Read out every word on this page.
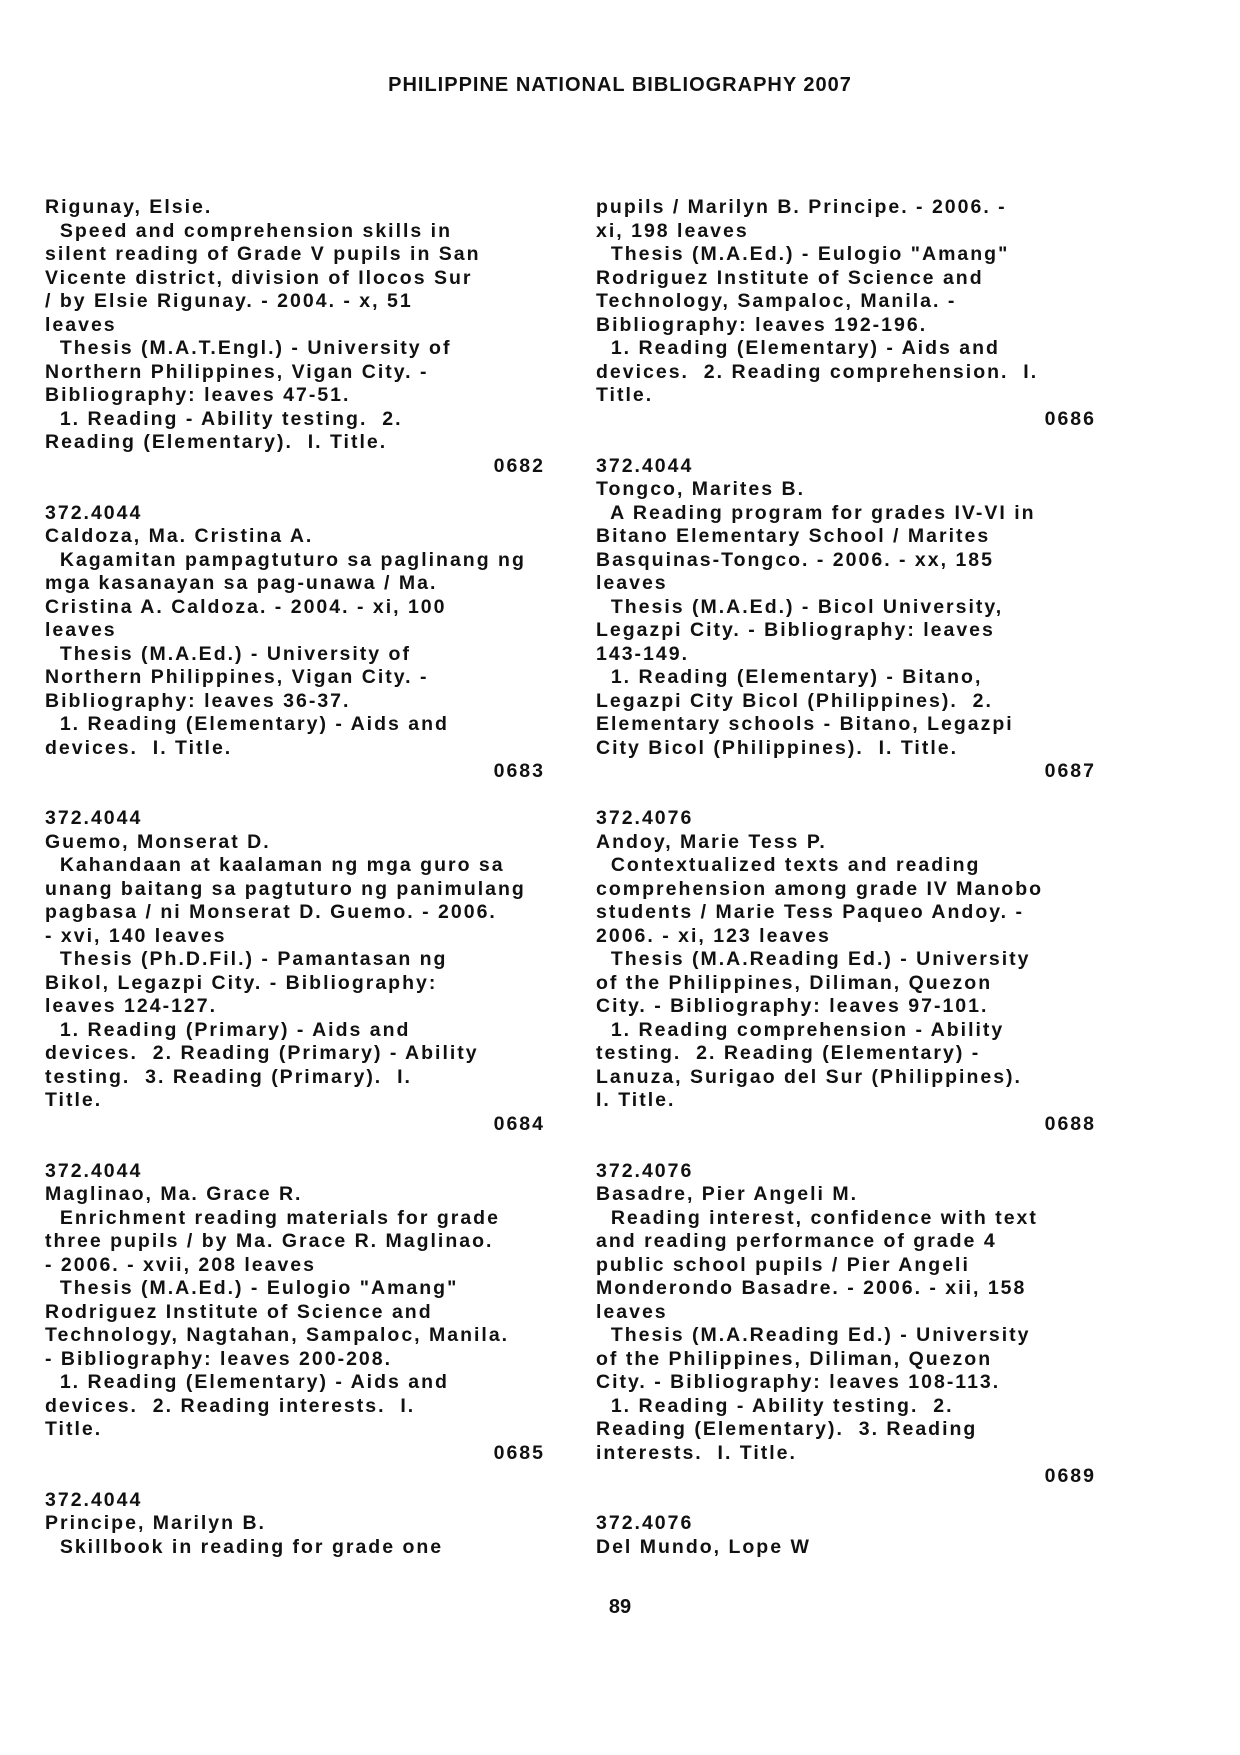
PHILIPPINE NATIONAL BIBLIOGRAPHY 2007
Rigunay, Elsie.
Speed and comprehension skills in
silent reading of Grade V pupils in San
Vicente district, division of Ilocos Sur
/ by Elsie Rigunay. - 2004. - x, 51
leaves
Thesis (M.A.T.Engl.) - University of
Northern Philippines, Vigan City. -
Bibliography: leaves 47-51.
1. Reading - Ability testing.  2.
Reading (Elementary).  I. Title.
0682
372.4044
Caldoza, Ma. Cristina A.
Kagamitan pampagtuturo sa paglinang ng
mga kasanayan sa pag-unawa / Ma.
Cristina A. Caldoza. - 2004. - xi, 100
leaves
Thesis (M.A.Ed.) - University of
Northern Philippines, Vigan City. -
Bibliography: leaves 36-37.
1. Reading (Elementary) - Aids and
devices.  I. Title.
0683
372.4044
Guemo, Monserat D.
Kahandaan at kaalaman ng mga guro sa
unang baitang sa pagtuturo ng panimulang
pagbasa / ni Monserat D. Guemo. - 2006.
- xvi, 140 leaves
Thesis (Ph.D.Fil.) - Pamantasan ng
Bikol, Legazpi City. - Bibliography:
leaves 124-127.
1. Reading (Primary) - Aids and
devices.  2. Reading (Primary) - Ability
testing.  3. Reading (Primary).  I.
Title.
0684
372.4044
Maglinao, Ma. Grace R.
Enrichment reading materials for grade
three pupils / by Ma. Grace R. Maglinao.
- 2006. - xvii, 208 leaves
Thesis (M.A.Ed.) - Eulogio "Amang"
Rodriguez Institute of Science and
Technology, Nagtahan, Sampaloc, Manila.
- Bibliography: leaves 200-208.
1. Reading (Elementary) - Aids and
devices.  2. Reading interests.  I.
Title.
0685
372.4044
Principe, Marilyn B.
Skillbook in reading for grade one
pupils / Marilyn B. Principe. - 2006. -
xi, 198 leaves
Thesis (M.A.Ed.) - Eulogio "Amang"
Rodriguez Institute of Science and
Technology, Sampaloc, Manila. -
Bibliography: leaves 192-196.
1. Reading (Elementary) - Aids and
devices.  2. Reading comprehension.  I.
Title.
0686
372.4044
Tongco, Marites B.
A Reading program for grades IV-VI in
Bitano Elementary School / Marites
Basquinas-Tongco. - 2006. - xx, 185
leaves
Thesis (M.A.Ed.) - Bicol University,
Legazpi City. - Bibliography: leaves
143-149.
1. Reading (Elementary) - Bitano,
Legazpi City Bicol (Philippines).  2.
Elementary schools - Bitano, Legazpi
City Bicol (Philippines).  I. Title.
0687
372.4076
Andoy, Marie Tess P.
Contextualized texts and reading
comprehension among grade IV Manobo
students / Marie Tess Paqueo Andoy. -
2006. - xi, 123 leaves
Thesis (M.A.Reading Ed.) - University
of the Philippines, Diliman, Quezon
City. - Bibliography: leaves 97-101.
1. Reading comprehension - Ability
testing.  2. Reading (Elementary) -
Lanuza, Surigao del Sur (Philippines).
I. Title.
0688
372.4076
Basadre, Pier Angeli M.
Reading interest, confidence with text
and reading performance of grade 4
public school pupils / Pier Angeli
Monderondo Basadre. - 2006. - xii, 158
leaves
Thesis (M.A.Reading Ed.) - University
of the Philippines, Diliman, Quezon
City. - Bibliography: leaves 108-113.
1. Reading - Ability testing.  2.
Reading (Elementary).  3. Reading
interests.  I. Title.
0689
372.4076
Del Mundo, Lope W
89
